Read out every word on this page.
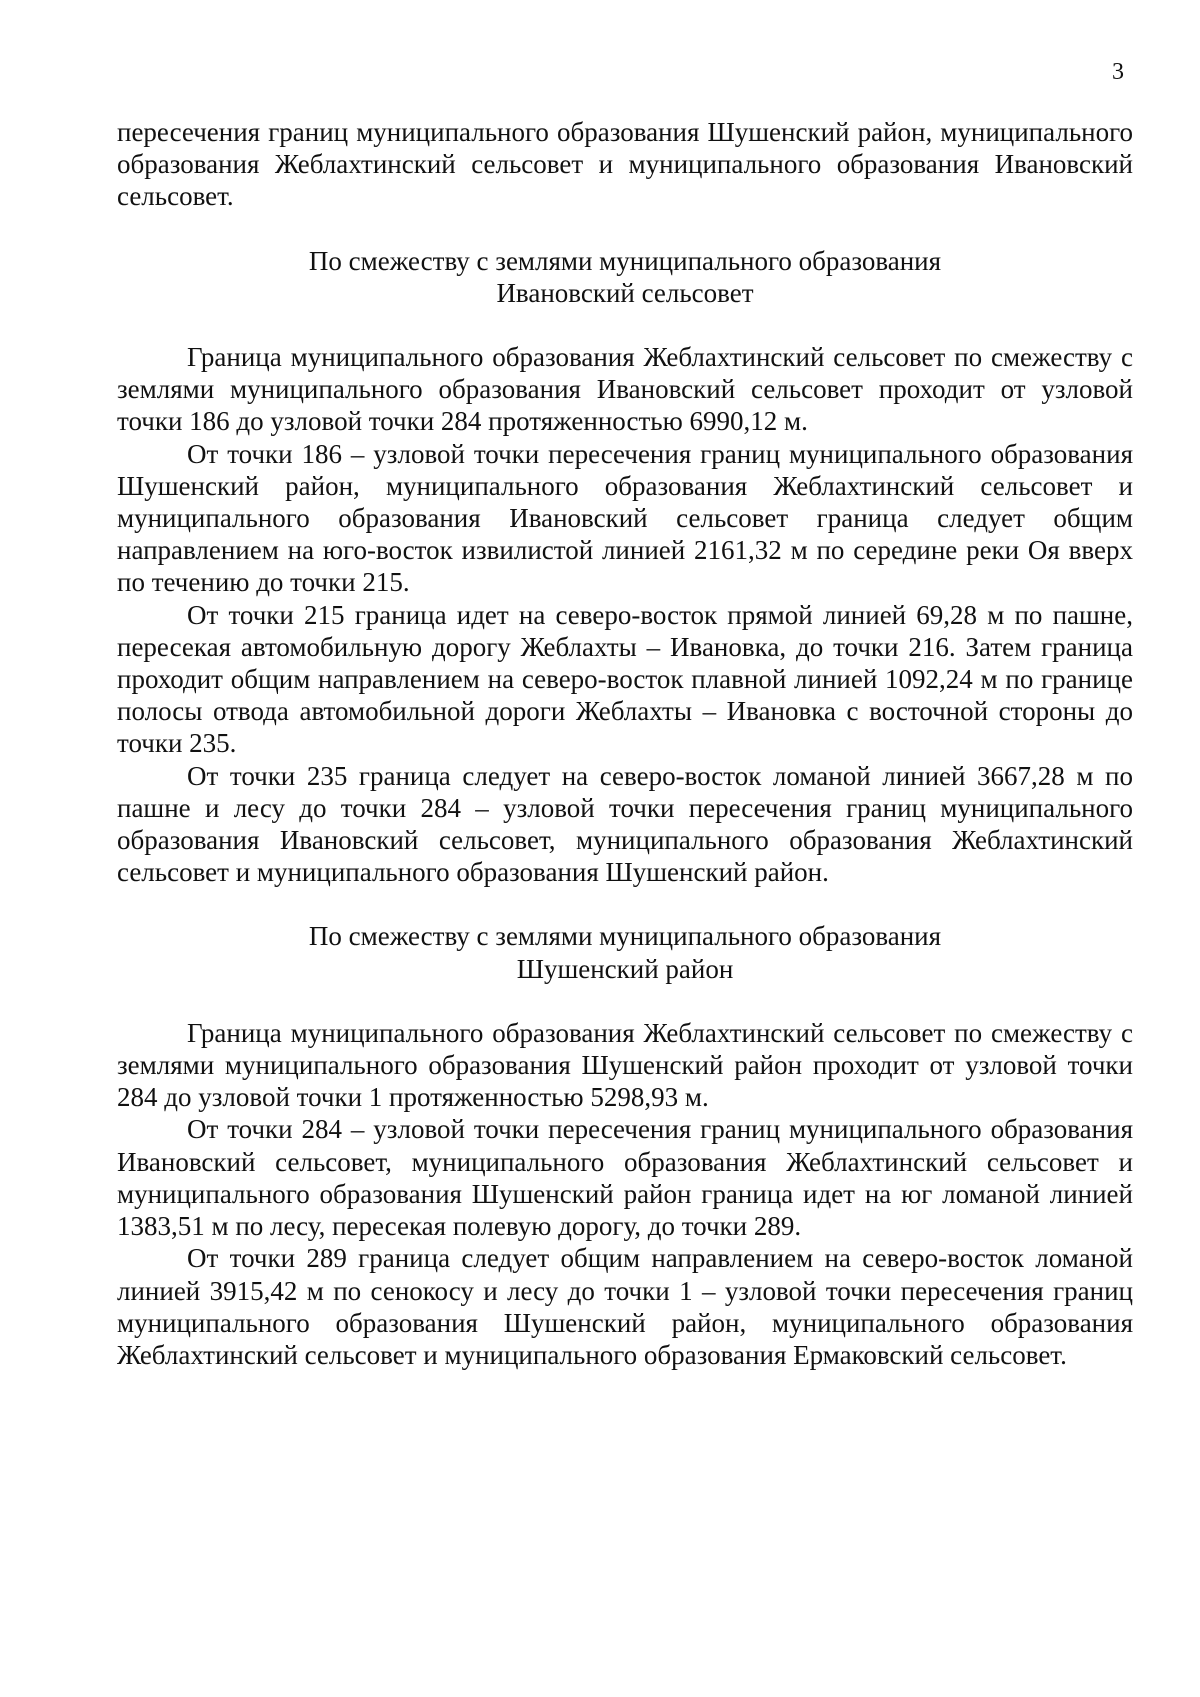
3

пересечения границ муниципального образования Шушенский район, муниципального образования Жеблахтинский сельсовет и муниципального образования Ивановский сельсовет.

По смежеству с землями муниципального образования
Ивановский сельсовет

Граница муниципального образования Жеблахтинский сельсовет по смежеству с землями муниципального образования Ивановский сельсовет проходит от узловой точки 186 до узловой точки 284 протяженностью 6990,12 м.

От точки 186 – узловой точки пересечения границ муниципального образования Шушенский район, муниципального образования Жеблахтинский сельсовет и муниципального образования Ивановский сельсовет граница следует общим направлением на юго-восток извилистой линией 2161,32 м по середине реки Оя вверх по течению до точки 215.

От точки 215 граница идет на северо-восток прямой линией 69,28 м по пашне, пересекая автомобильную дорогу Жеблахты – Ивановка, до точки 216. Затем граница проходит общим направлением на северо-восток плавной линией 1092,24 м по границе полосы отвода автомобильной дороги Жеблахты – Ивановка с восточной стороны до точки 235.

От точки 235 граница следует на северо-восток ломаной линией 3667,28 м по пашне и лесу до точки 284 – узловой точки пересечения границ муниципального образования Ивановский сельсовет, муниципального образования Жеблахтинский сельсовет и муниципального образования Шушенский район.

По смежеству с землями муниципального образования
Шушенский район

Граница муниципального образования Жеблахтинский сельсовет по смежеству с землями муниципального образования Шушенский район проходит от узловой точки 284 до узловой точки 1 протяженностью 5298,93 м.

От точки 284 – узловой точки пересечения границ муниципального образования Ивановский сельсовет, муниципального образования Жеблахтинский сельсовет и муниципального образования Шушенский район граница идет на юг ломаной линией 1383,51 м по лесу, пересекая полевую дорогу, до точки 289.

От точки 289 граница следует общим направлением на северо-восток ломаной линией 3915,42 м по сенокосу и лесу до точки 1 – узловой точки пересечения границ муниципального образования Шушенский район, муниципального образования Жеблахтинский сельсовет и муниципального образования Ермаковский сельсовет.
